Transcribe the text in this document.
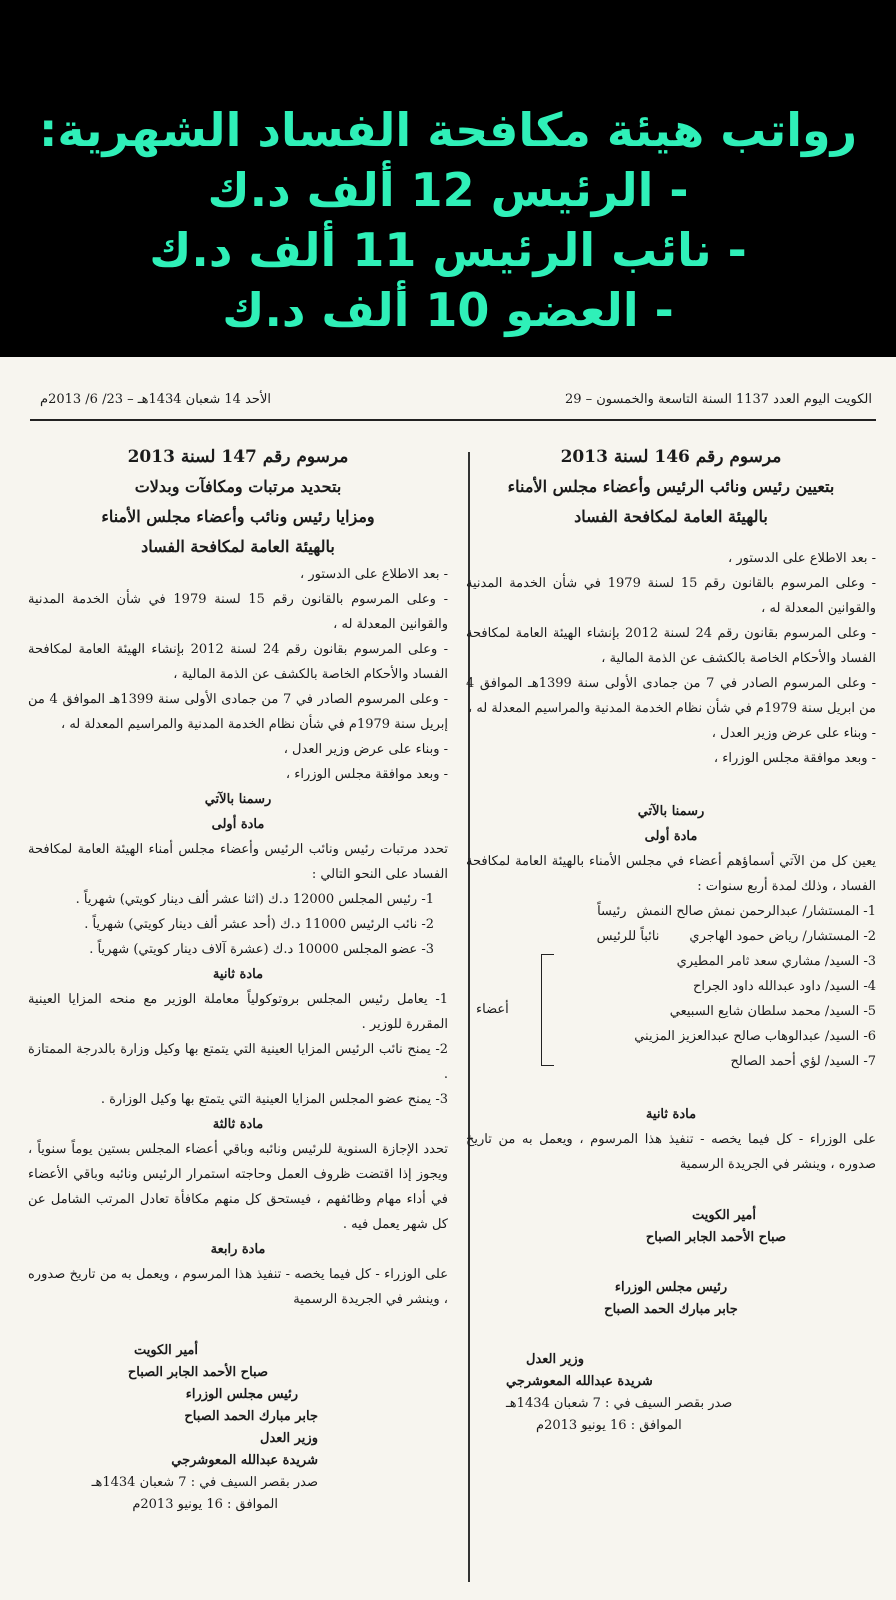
رواتب هيئة مكافحة الفساد الشهرية:
- الرئيس 12 ألف د.ك
- نائب الرئيس 11 ألف د.ك
- العضو 10 ألف د.ك
الكويت اليوم العدد 1137 السنة التاسعة والخمسون – 29
الأحد 14 شعبان 1434هـ – 23/ 6/ 2013م
مرسوم رقم 146 لسنة 2013
بتعيين رئيس ونائب الرئيس وأعضاء مجلس الأمناء
بالهيئة العامة لمكافحة الفساد
- بعد الاطلاع على الدستور ،
- وعلى المرسوم بالقانون رقم 15 لسنة 1979 في شأن الخدمة المدنية والقوانين المعدلة له ،
- وعلى المرسوم بقانون رقم 24 لسنة 2012 بإنشاء الهيئة العامة لمكافحة الفساد والأحكام الخاصة بالكشف عن الذمة المالية ،
- وعلى المرسوم الصادر في 7 من جمادى الأولى سنة 1399هـ الموافق 4 من ابريل سنة 1979م في شأن نظام الخدمة المدنية والمراسيم المعدلة له ،
- وبناء على عرض وزير العدل ،
- وبعد موافقة مجلس الوزراء ،
رسمنا بالآتي
مادة أولى
يعين كل من الآتي أسماؤهم أعضاء في مجلس الأمناء بالهيئة العامة لمكافحة الفساد ، وذلك لمدة أربع سنوات :
1- المستشار/ عبدالرحمن نمش صالح النمش
رئيساً
2- المستشار/ رياض حمود الهاجري
نائباً للرئيس
3- السيد/ مشاري سعد ثامر المطيري
4- السيد/ داود عبدالله داود الجراح
5- السيد/ محمد سلطان شايع السبيعي
6- السيد/ عبدالوهاب صالح عبدالعزيز المزيني
7- السيد/ لؤي أحمد الصالح
أعضاء
مادة ثانية
على الوزراء - كل فيما يخصه - تنفيذ هذا المرسوم ، ويعمل به من تاريخ صدوره ، وينشر في الجريدة الرسمية
أمير الكويت
صباح الأحمد الجابر الصباح
رئيس مجلس الوزراء
جابر مبارك الحمد الصباح
وزير العدل
شريدة عبدالله المعوشرجي
صدر بقصر السيف في : 7 شعبان 1434هـ
الموافق : 16 يونيو 2013م
مرسوم رقم 147 لسنة 2013
بتحديد مرتبات ومكافآت وبدلات
ومزايا رئيس ونائب وأعضاء مجلس الأمناء
بالهيئة العامة لمكافحة الفساد
- بعد الاطلاع على الدستور ،
- وعلى المرسوم بالقانون رقم 15 لسنة 1979 في شأن الخدمة المدنية والقوانين المعدلة له ،
- وعلى المرسوم بقانون رقم 24 لسنة 2012 بإنشاء الهيئة العامة لمكافحة الفساد والأحكام الخاصة بالكشف عن الذمة المالية ،
- وعلى المرسوم الصادر في 7 من جمادى الأولى سنة 1399هـ الموافق 4 من إبريل سنة 1979م في شأن نظام الخدمة المدنية والمراسيم المعدلة له ،
- وبناء على عرض وزير العدل ،
- وبعد موافقة مجلس الوزراء ،
رسمنا بالآتي
مادة أولى
تحدد مرتبات رئيس ونائب الرئيس وأعضاء مجلس أمناء الهيئة العامة لمكافحة الفساد على النحو التالي :
1- رئيس المجلس 12000 د.ك (اثنا عشر ألف دينار كويتي) شهرياً .
2- نائب الرئيس 11000 د.ك (أحد عشر ألف دينار كويتي) شهرياً .
3- عضو المجلس 10000 د.ك (عشرة آلاف دينار كويتي) شهرياً .
مادة ثانية
1- يعامل رئيس المجلس بروتوكولياً معاملة الوزير مع منحه المزايا العينية المقررة للوزير .
2- يمنح نائب الرئيس المزايا العينية التي يتمتع بها وكيل وزارة بالدرجة الممتازة .
3- يمنح عضو المجلس المزايا العينية التي يتمتع بها وكيل الوزارة .
مادة ثالثة
تحدد الإجازة السنوية للرئيس ونائبه وباقي أعضاء المجلس بستين يوماً سنوياً ، ويجوز إذا اقتضت ظروف العمل وحاجته استمرار الرئيس ونائبه وباقي الأعضاء في أداء مهام وظائفهم ، فيستحق كل منهم مكافأة تعادل المرتب الشامل عن كل شهر يعمل فيه .
مادة رابعة
على الوزراء - كل فيما يخصه - تنفيذ هذا المرسوم ، ويعمل به من تاريخ صدوره ، وينشر في الجريدة الرسمية
أمير الكويت
صباح الأحمد الجابر الصباح
رئيس مجلس الوزراء
جابر مبارك الحمد الصباح
وزير العدل
شريدة عبدالله المعوشرجي
صدر بقصر السيف في : 7 شعبان 1434هـ
الموافق : 16 يونيو 2013م
